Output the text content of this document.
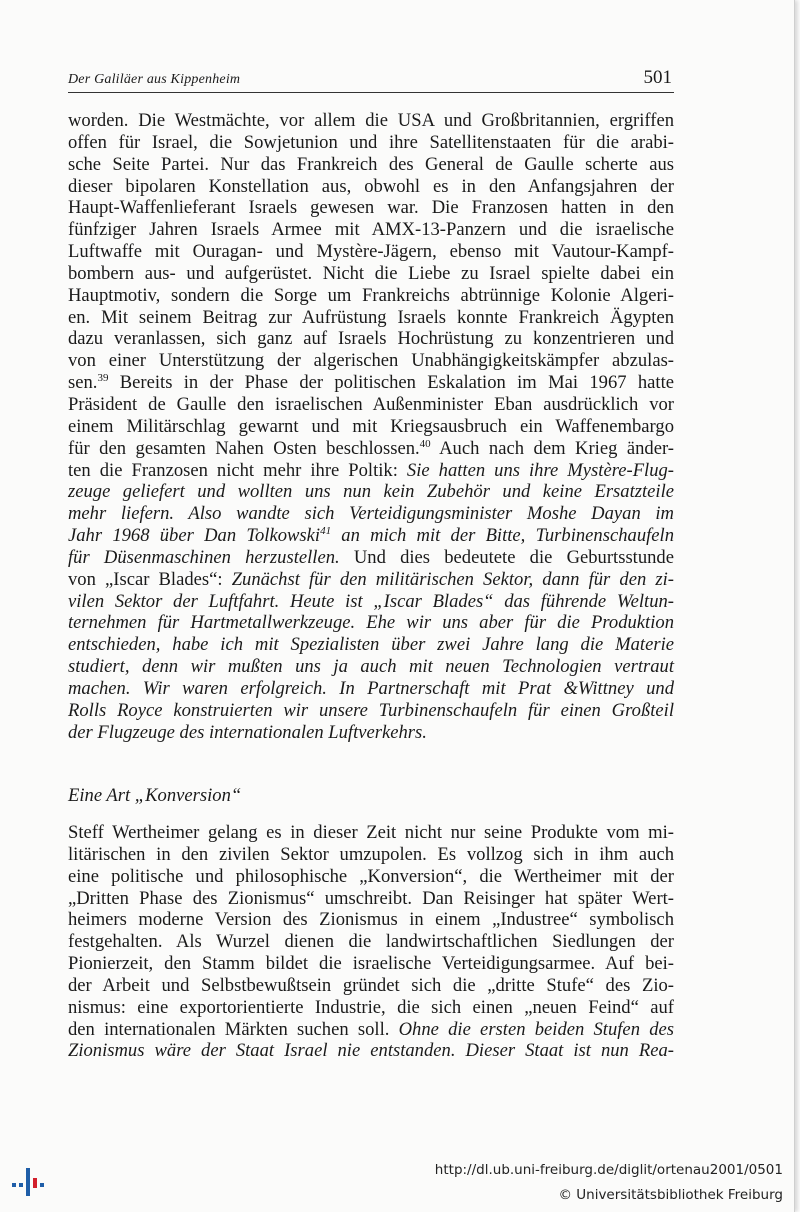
Der Galiläer aus Kippenheim	501
worden. Die Westmächte, vor allem die USA und Großbritannien, ergriffen
offen für Israel, die Sowjetunion und ihre Satellitenstaaten für die arabi-
sche Seite Partei. Nur das Frankreich des General de Gaulle scherte aus
dieser bipolaren Konstellation aus, obwohl es in den Anfangsjahren der
Haupt-Waffenlieferant Israels gewesen war. Die Franzosen hatten in den
fünfziger Jahren Israels Armee mit AMX-13-Panzern und die israelische
Luftwaffe mit Ouragan- und Mystère-Jägern, ebenso mit Vautour-Kampf-
bombern aus- und aufgerüstet. Nicht die Liebe zu Israel spielte dabei ein
Hauptmotiv, sondern die Sorge um Frankreichs abtrünnige Kolonie Algeri-
en. Mit seinem Beitrag zur Aufrüstung Israels konnte Frankreich Ägypten
dazu veranlassen, sich ganz auf Israels Hochrüstung zu konzentrieren und
von einer Unterstützung der algerischen Unabhängigkeitskämpfer abzulas-
sen.$^{39}$ Bereits in der Phase der politischen Eskalation im Mai 1967 hatte
Präsident de Gaulle den israelischen Außenminister Eban ausdrücklich vor
einem Militärschlag gewarnt und mit Kriegsausbruch ein Waffenembargo
für den gesamten Nahen Osten beschlossen.$^{40}$ Auch nach dem Krieg änder-
ten die Franzosen nicht mehr ihre Poltik: Sie hatten uns ihre Mystère-Flug-
zeuge geliefert und wollten uns nun kein Zubehör und keine Ersatzteile
mehr liefern. Also wandte sich Verteidigungsminister Moshe Dayan im
Jahr 1968 über Dan Tolkowski$^{41}$ an mich mit der Bitte, Turbinenschaufeln
für Düsenmaschinen herzustellen. Und dies bedeutete die Geburtsstunde
von „Iscar Blades“: Zunächst für den militärischen Sektor, dann für den zi-
vilen Sektor der Luftfahrt. Heute ist „Iscar Blades“ das führende Weltun-
ternehmen für Hartmetallwerkzeuge. Ehe wir uns aber für die Produktion
entschieden, habe ich mit Spezialisten über zwei Jahre lang die Materie
studiert, denn wir mußten uns ja auch mit neuen Technologien vertraut
machen. Wir waren erfolgreich. In Partnerschaft mit Prat &Wittney und
Rolls Royce konstruierten wir unsere Turbinenschaufeln für einen Großteil
der Flugzeuge des internationalen Luftverkehrs.
Eine Art „Konversion“
Steff Wertheimer gelang es in dieser Zeit nicht nur seine Produkte vom mi-
litärischen in den zivilen Sektor umzupolen. Es vollzog sich in ihm auch
eine politische und philosophische „Konversion“, die Wertheimer mit der
„Dritten Phase des Zionismus“ umschreibt. Dan Reisinger hat später Wert-
heimers moderne Version des Zionismus in einem „Industree“ symbolisch
festgehalten. Als Wurzel dienen die landwirtschaftlichen Siedlungen der
Pionierzeit, den Stamm bildet die israelische Verteidigungsarmee. Auf bei-
der Arbeit und Selbstbewußtsein gründet sich die „dritte Stufe“ des Zio-
nismus: eine exportorientierte Industrie, die sich einen „neuen Feind“ auf
den internationalen Märkten suchen soll. Ohne die ersten beiden Stufen des
Zionismus wäre der Staat Israel nie entstanden. Dieser Staat ist nun Rea-
http://dl.ub.uni-freiburg.de/diglit/ortenau2001/0501
© Universitätsbibliothek Freiburg
